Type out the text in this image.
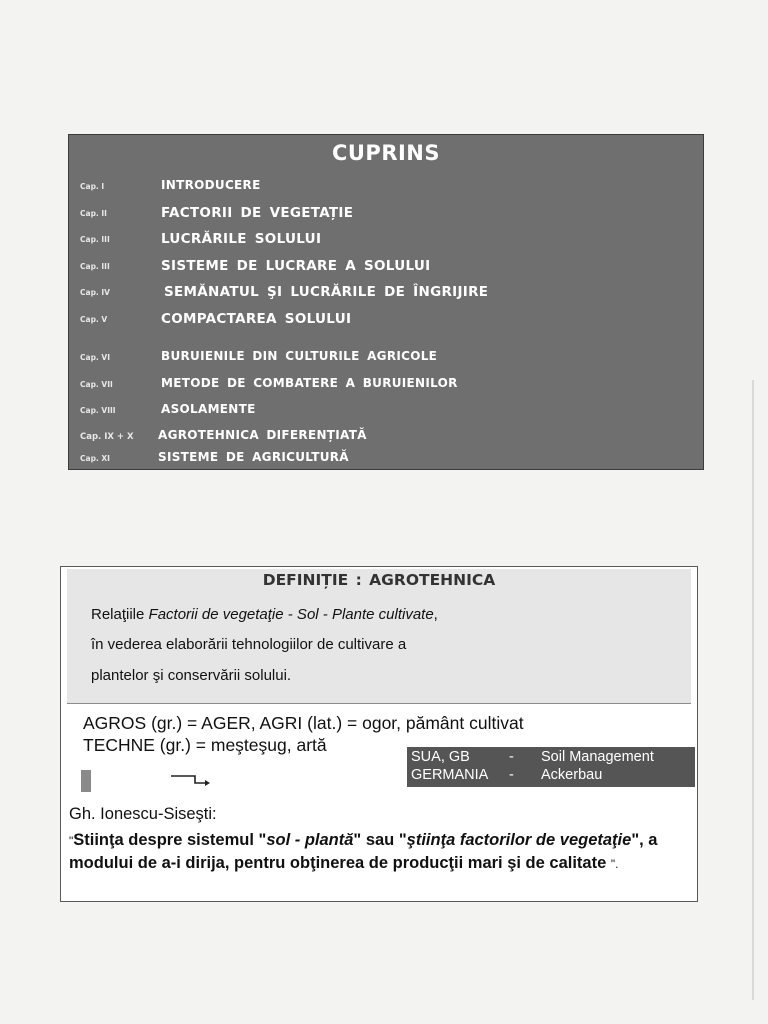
CUPRINS
Cap. I	INTRODUCERE
Cap. II	FACTORII DE VEGETAȚIE
Cap. III	LUCRĂRILE SOLULUI
Cap. III	SISTEME DE LUCRARE A SOLULUI
Cap. IV	SEMĂNATUL ŞI LUCRĂRILE DE ÎNGRIJIRE
Cap. V	COMPACTAREA SOLULUI
Cap. VI	BURUIENILE DIN CULTURILE AGRICOLE
Cap. VII	METODE DE COMBATERE A BURUIENILOR
Cap. VIII	ASOLAMENTE
Cap. IX + X AGROTEHNICA DIFERENȚIATĂ
Cap. XI	SISTEME DE AGRICULTURĂ
DEFINIȚIE : AGROTEHNICA
Relaţiile Factorii de vegetaţie - Sol - Plante cultivate,
în vederea elaborării tehnologiilor de cultivare a
plantelor şi conservării solului.
AGROS (gr.) = AGER, AGRI (lat.) = ogor, pământ cultivat
TECHNE (gr.) = meşteşug, artă
SUA, GB	- Soil Management
GERMANIA - Ackerbau
Gh. Ionescu-Siseşti:
"Stiinţa despre sistemul "sol - plantă" sau "ştiinţa factorilor de vegetaţie", a modului de a-i dirija, pentru obţinerea de producţii mari şi de calitate ".
